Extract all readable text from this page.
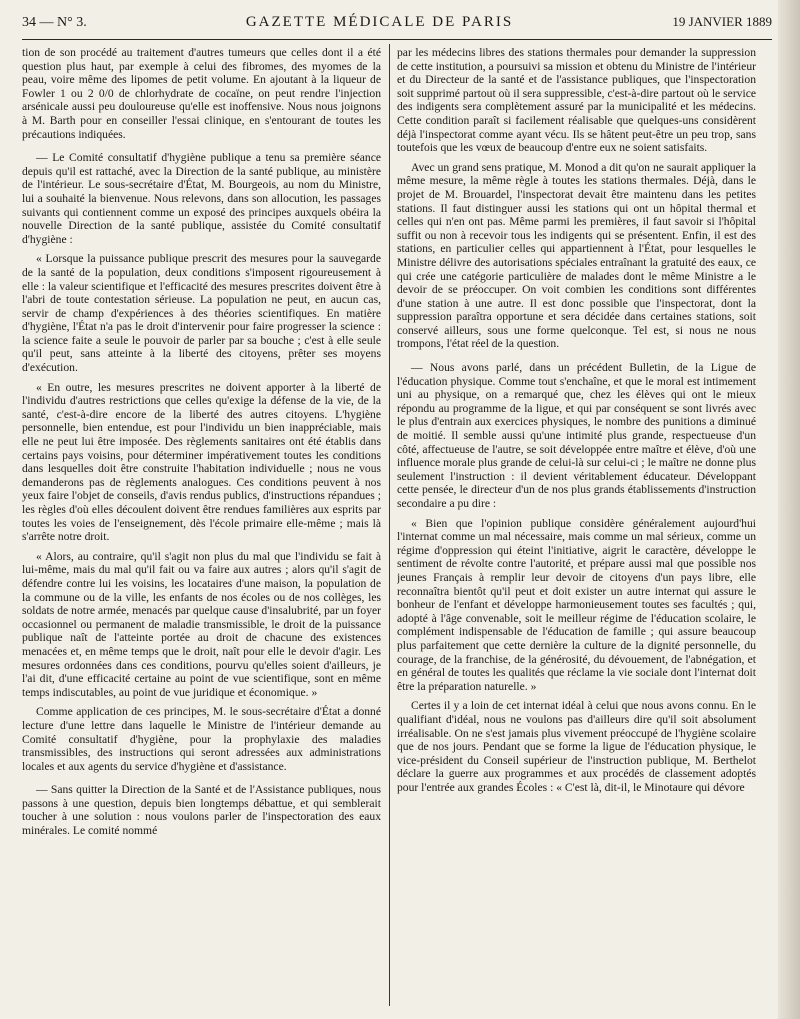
34 — N° 3.	GAZETTE MÉDICALE DE PARIS	19 JANVIER 1889

tion de son procédé au traitement d'autres tumeurs que celles dont il a été question plus haut, par exemple à celui des fibromes, des myomes de la peau, voire même des lipomes de petit volume. En ajoutant à la liqueur de Fowler 1 ou 2 0/0 de chlorhydrate de cocaïne, on peut rendre l'injection arsénicale aussi peu douloureuse qu'elle est inoffensive. Nous nous joignons à M. Barth pour en conseiller l'essai clinique, en s'entourant de toutes les précautions indiquées.

— Le Comité consultatif d'hygiène publique a tenu sa première séance depuis qu'il est rattaché, avec la Direction de la santé publique, au ministère de l'intérieur. Le sous-secrétaire d'État, M. Bourgeois, au nom du Ministre, lui a souhaité la bienvenue. Nous relevons, dans son allocution, les passages suivants qui contiennent comme un exposé des principes auxquels obéira la nouvelle Direction de la santé publique, assistée du Comité consultatif d'hygiène :

« Lorsque la puissance publique prescrit des mesures pour la sauvegarde de la santé de la population, deux conditions s'imposent rigoureusement à elle : la valeur scientifique et l'efficacité des mesures prescrites doivent être à l'abri de toute contestation sérieuse. La population ne peut, en aucun cas, servir de champ d'expériences à des théories scientifiques. En matière d'hygiène, l'État n'a pas le droit d'intervenir pour faire progresser la science : la science faite a seule le pouvoir de parler par sa bouche ; c'est à elle seule qu'il peut, sans atteinte à la liberté des citoyens, prêter ses moyens d'exécution.

« En outre, les mesures prescrites ne doivent apporter à la liberté de l'individu d'autres restrictions que celles qu'exige la défense de la vie, de la santé, c'est-à-dire encore de la liberté des autres citoyens. L'hygiène personnelle, bien entendue, est pour l'individu un bien inappréciable, mais elle ne peut lui être imposée. Des règlements sanitaires ont été établis dans certains pays voisins, pour déterminer impérativement toutes les conditions dans lesquelles doit être construite l'habitation individuelle ; nous ne vous demanderons pas de règlements analogues. Ces conditions peuvent à nos yeux faire l'objet de conseils, d'avis rendus publics, d'instructions répandues ; les règles d'où elles découlent doivent être rendues familières aux esprits par toutes les voies de l'enseignement, dès l'école primaire elle-même ; mais là s'arrête notre droit.

« Alors, au contraire, qu'il s'agit non plus du mal que l'individu se fait à lui-même, mais du mal qu'il fait ou va faire aux autres ; alors qu'il s'agit de défendre contre lui les voisins, les locataires d'une maison, la population de la commune ou de la ville, les enfants de nos écoles ou de nos collèges, les soldats de notre armée, menacés par quelque cause d'insalubrité, par un foyer occasionnel ou permanent de maladie transmissible, le droit de la puissance publique naît de l'atteinte portée au droit de chacune des existences menacées et, en même temps que le droit, naît pour elle le devoir d'agir. Les mesures ordonnées dans ces conditions, pourvu qu'elles soient d'ailleurs, je l'ai dit, d'une efficacité certaine au point de vue scientifique, sont en même temps indiscutables, au point de vue juridique et économique. »

Comme application de ces principes, M. le sous-secrétaire d'État a donné lecture d'une lettre dans laquelle le Ministre de l'intérieur demande au Comité consultatif d'hygiène, pour la prophylaxie des maladies transmissibles, des instructions qui seront adressées aux administrations locales et aux agents du service d'hygiène et d'assistance.

— Sans quitter la Direction de la Santé et de l'Assistance publiques, nous passons à une question, depuis bien longtemps débattue, et qui semblerait toucher à une solution : nous voulons parler de l'inspectoration des eaux minérales. Le comité nommé

par les médecins libres des stations thermales pour demander la suppression de cette institution, a poursuivi sa mission et obtenu du Ministre de l'intérieur et du Directeur de la santé et de l'assistance publiques, que l'inspectoration soit supprimé partout où il sera suppressible, c'est-à-dire partout où le service des indigents sera complètement assuré par la municipalité et les médecins. Cette condition paraît si facilement réalisable que quelques-uns considèrent déjà l'inspectorat comme ayant vécu. Ils se hâtent peut-être un peu trop, sans toutefois que les vœux de beaucoup d'entre eux ne soient satisfaits.

Avec un grand sens pratique, M. Monod a dit qu'on ne saurait appliquer la même mesure, la même règle à toutes les stations thermales. Déjà, dans le projet de M. Brouardel, l'inspectorat devait être maintenu dans les petites stations. Il faut distinguer aussi les stations qui ont un hôpital thermal et celles qui n'en ont pas. Même parmi les premières, il faut savoir si l'hôpital suffit ou non à recevoir tous les indigents qui se présentent. Enfin, il est des stations, en particulier celles qui appartiennent à l'État, pour lesquelles le Ministre délivre des autorisations spéciales entraînant la gratuité des eaux, ce qui crée une catégorie particulière de malades dont le même Ministre a le devoir de se préoccuper. On voit combien les conditions sont différentes d'une station à une autre. Il est donc possible que l'inspectorat, dont la suppression paraîtra opportune et sera décidée dans certaines stations, soit conservé ailleurs, sous une forme quelconque. Tel est, si nous ne nous trompons, l'état réel de la question.

— Nous avons parlé, dans un précédent Bulletin, de la Ligue de l'éducation physique. Comme tout s'enchaîne, et que le moral est intimement uni au physique, on a remarqué que, chez les élèves qui ont le mieux répondu au programme de la ligue, et qui par conséquent se sont livrés avec le plus d'entrain aux exercices physiques, le nombre des punitions a diminué de moitié. Il semble aussi qu'une intimité plus grande, respectueuse d'un côté, affectueuse de l'autre, se soit développée entre maître et élève, d'où une influence morale plus grande de celui-là sur celui-ci ; le maître ne donne plus seulement l'instruction : il devient véritablement éducateur. Développant cette pensée, le directeur d'un de nos plus grands établissements d'instruction secondaire a pu dire :

« Bien que l'opinion publique considère généralement aujourd'hui l'internat comme un mal nécessaire, mais comme un mal sérieux, comme un régime d'oppression qui éteint l'initiative, aigrit le caractère, développe le sentiment de révolte contre l'autorité, et prépare aussi mal que possible nos jeunes Français à remplir leur devoir de citoyens d'un pays libre, elle reconnaîtra bientôt qu'il peut et doit exister un autre internat qui assure le bonheur de l'enfant et développe harmonieusement toutes ses facultés ; qui, adopté à l'âge convenable, soit le meilleur régime de l'éducation scolaire, le complément indispensable de l'éducation de famille ; qui assure beaucoup plus parfaitement que cette dernière la culture de la dignité personnelle, du courage, de la franchise, de la générosité, du dévouement, de l'abnégation, et en général de toutes les qualités que réclame la vie sociale dont l'internat doit être la préparation naturelle. »

Certes il y a loin de cet internat idéal à celui que nous avons connu. En le qualifiant d'idéal, nous ne voulons pas d'ailleurs dire qu'il soit absolument irréalisable. On ne s'est jamais plus vivement préoccupé de l'hygiène scolaire que de nos jours. Pendant que se forme la ligue de l'éducation physique, le vice-président du Conseil supérieur de l'instruction publique, M. Berthelot déclare la guerre aux programmes et aux procédés de classement adoptés pour l'entrée aux grandes Écoles : « C'est là, dit-il, le Minotaure qui dévore
